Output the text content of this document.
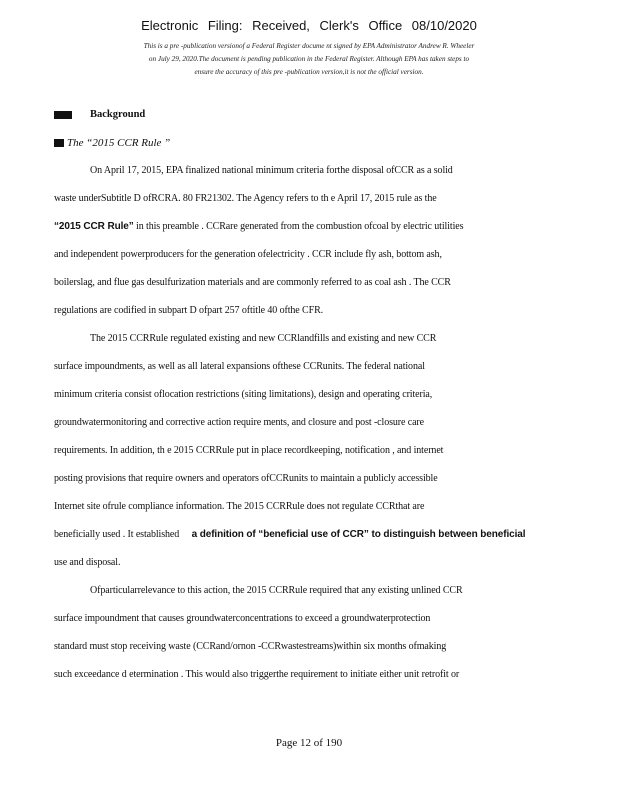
Electronic Filing: Received, Clerk's Office 08/10/2020
This is a pre -publication versionof a Federal Register docume nt signed by EPA Administrator Andrew R. Wheeler
on July 29, 2020.The document is pending publication in the Federal Register. Although EPA has taken steps to
ensure the accuracy of this pre -publication version,it is not the official version.
Background
The “2015 CCR Rule ”
On April 17, 2015, EPA finalized national minimum criteria forthe disposal ofCCR as a solid
waste underSubtitle D ofRCRA. 80 FR21302. The Agency refers to th e April 17, 2015 rule as the
“2015 CCR Rule” in this preamble . CCRare generated from the combustion ofcoal by electric utilities
and independent powerproducers for the generation ofelectricity . CCR include fly ash, bottom ash,
boilerslag, and flue gas desulfurization materials and are commonly referred to as coal ash . The CCR
regulations are codified in subpart D ofpart 257 oftitle 40 ofthe CFR.
The 2015 CCRRule regulated existing and new CCRlandfills and existing and new CCR
surface impoundments, as well as all lateral expansions ofthese CCRunits. The federal national
minimum criteria consist oflocation restrictions (siting limitations), design and operating criteria,
groundwatermonitoring and corrective action require ments, and closure and post -closure care
requirements. In addition, th e 2015 CCRRule put in place recordkeeping, notification , and internet
posting provisions that require owners and operators ofCCRunits to maintain a publicly accessible
Internet site ofrule compliance information. The 2015 CCRRule does not regulate CCRthat are
beneficially used . It established a definition of “beneficial use of CCR” to distinguish between beneficial
use and disposal.
Ofparticularrelevance to this action, the 2015 CCRRule required that any existing unlined CCR
surface impoundment that causes groundwaterconcentrations to exceed a groundwaterprotection
standard must stop receiving waste (CCRand/ornon -CCRwastestreams)within six months ofmaking
such exceedance d etermination . This would also triggerthe requirement to initiate either unit retrofit or
Page 12 of 190
